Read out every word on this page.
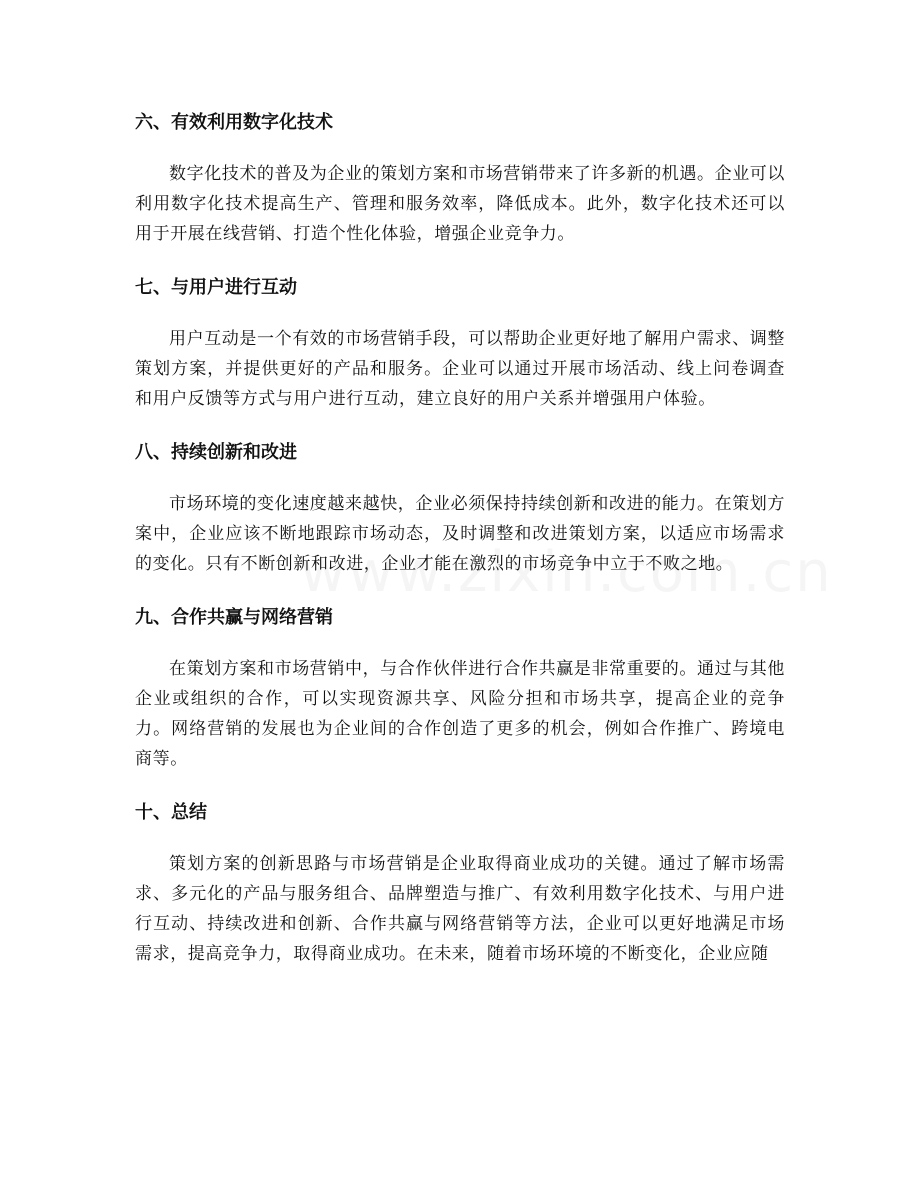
六、有效利用数字化技术

数字化技术的普及为企业的策划方案和市场营销带来了许多新的机遇。企业可以利用数字化技术提高生产、管理和服务效率，降低成本。此外，数字化技术还可以用于开展在线营销、打造个性化体验，增强企业竞争力。

七、与用户进行互动

用户互动是一个有效的市场营销手段，可以帮助企业更好地了解用户需求、调整策划方案，并提供更好的产品和服务。企业可以通过开展市场活动、线上问卷调查和用户反馈等方式与用户进行互动，建立良好的用户关系并增强用户体验。

八、持续创新和改进

市场环境的变化速度越来越快，企业必须保持持续创新和改进的能力。在策划方案中，企业应该不断地跟踪市场动态，及时调整和改进策划方案，以适应市场需求的变化。只有不断创新和改进，企业才能在激烈的市场竞争中立于不败之地。

九、合作共赢与网络营销

在策划方案和市场营销中，与合作伙伴进行合作共赢是非常重要的。通过与其他企业或组织的合作，可以实现资源共享、风险分担和市场共享，提高企业的竞争力。网络营销的发展也为企业间的合作创造了更多的机会，例如合作推广、跨境电商等。

十、总结

策划方案的创新思路与市场营销是企业取得商业成功的关键。通过了解市场需求、多元化的产品与服务组合、品牌塑造与推广、有效利用数字化技术、与用户进行互动、持续改进和创新、合作共赢与网络营销等方法，企业可以更好地满足市场需求，提高竞争力，取得商业成功。在未来，随着市场环境的不断变化，企业应随
